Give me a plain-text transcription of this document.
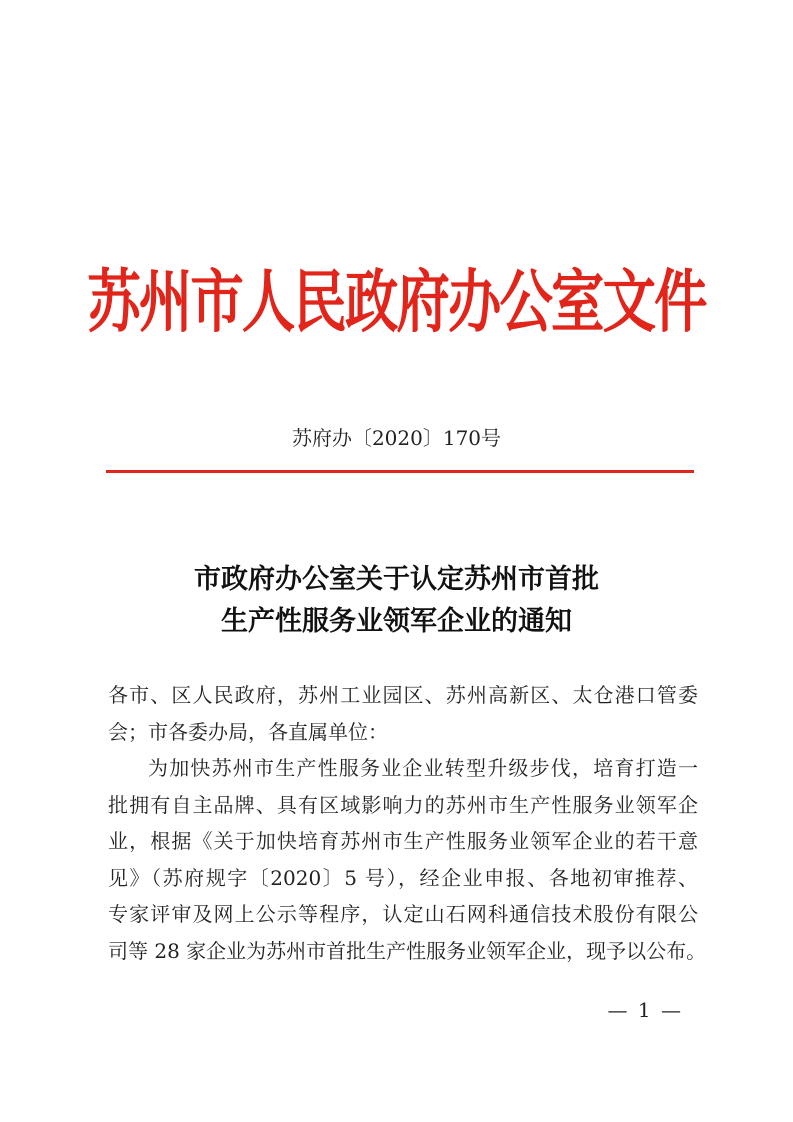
苏州市人民政府办公室文件
苏府办〔2020〕170号
市政府办公室关于认定苏州市首批
生产性服务业领军企业的通知
各市、区人民政府，苏州工业园区、苏州高新区、太仓港口管委
会；市各委办局，各直属单位：
为加快苏州市生产性服务业企业转型升级步伐，培育打造一
批拥有自主品牌、具有区域影响力的苏州市生产性服务业领军企
业，根据《关于加快培育苏州市生产性服务业领军企业的若干意
见》（苏府规字〔2020〕5 号），经企业申报、各地初审推荐、
专家评审及网上公示等程序，认定山石网科通信技术股份有限公
司等 28 家企业为苏州市首批生产性服务业领军企业，现予以公布。
— 1 —
